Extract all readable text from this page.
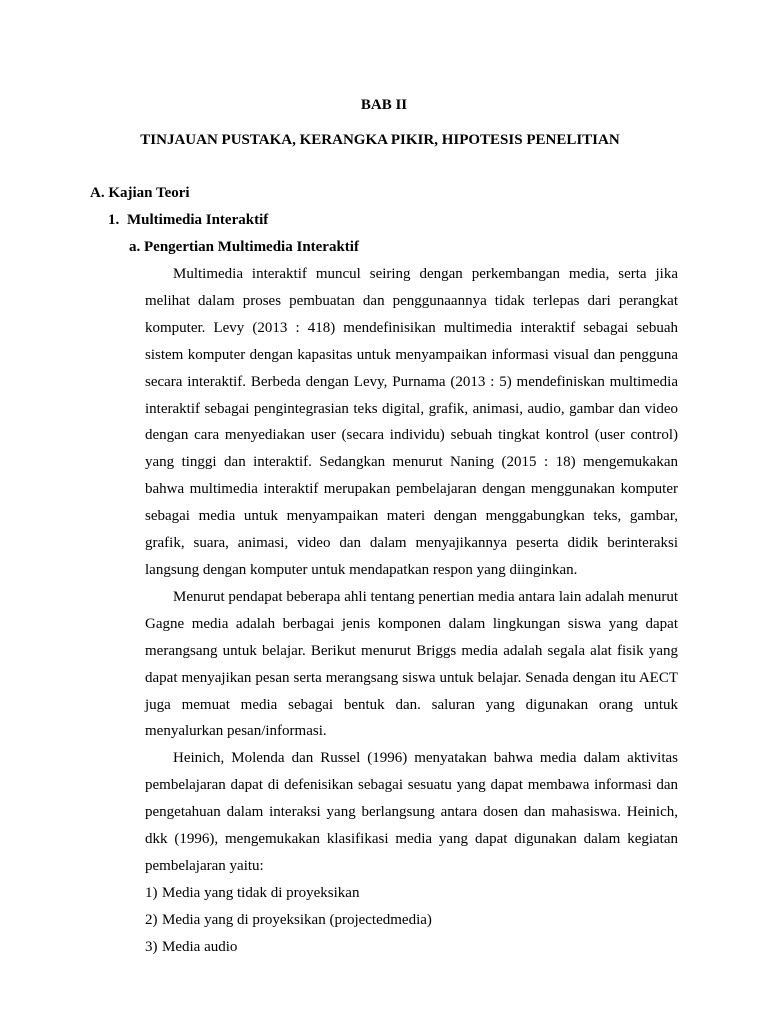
BAB II
TINJAUAN PUSTAKA, KERANGKA PIKIR, HIPOTESIS PENELITIAN
A. Kajian Teori
1. Multimedia Interaktif
a. Pengertian Multimedia Interaktif

Multimedia interaktif muncul seiring dengan perkembangan media, serta jika melihat dalam proses pembuatan dan penggunaannya tidak terlepas dari perangkat komputer. Levy (2013 : 418) mendefinisikan multimedia interaktif sebagai sebuah sistem komputer dengan kapasitas untuk menyampaikan informasi visual dan pengguna secara interaktif. Berbeda dengan Levy, Purnama (2013 : 5) mendefiniskan multimedia interaktif sebagai pengintegrasian teks digital, grafik, animasi, audio, gambar dan video dengan cara menyediakan user (secara individu) sebuah tingkat kontrol (user control) yang tinggi dan interaktif. Sedangkan menurut Naning (2015 : 18) mengemukakan bahwa multimedia interaktif merupakan pembelajaran dengan menggunakan komputer sebagai media untuk menyampaikan materi dengan menggabungkan teks, gambar, grafik, suara, animasi, video dan dalam menyajikannya peserta didik berinteraksi langsung dengan komputer untuk mendapatkan respon yang diinginkan.

Menurut pendapat beberapa ahli tentang penertian media antara lain adalah menurut Gagne media adalah berbagai jenis komponen dalam lingkungan siswa yang dapat merangsang untuk belajar. Berikut menurut Briggs media adalah segala alat fisik yang dapat menyajikan pesan serta merangsang siswa untuk belajar. Senada dengan itu AECT juga memuat media sebagai bentuk dan. saluran yang digunakan orang untuk menyalurkan pesan/informasi.

Heinich, Molenda dan Russel (1996) menyatakan bahwa media dalam aktivitas pembelajaran dapat di defenisikan sebagai sesuatu yang dapat membawa informasi dan pengetahuan dalam interaksi yang berlangsung antara dosen dan mahasiswa. Heinich, dkk (1996), mengemukakan klasifikasi media yang dapat digunakan dalam kegiatan pembelajaran yaitu:

1) Media yang tidak di proyeksikan
2) Media yang di proyeksikan (projectedmedia)
3) Media audio
